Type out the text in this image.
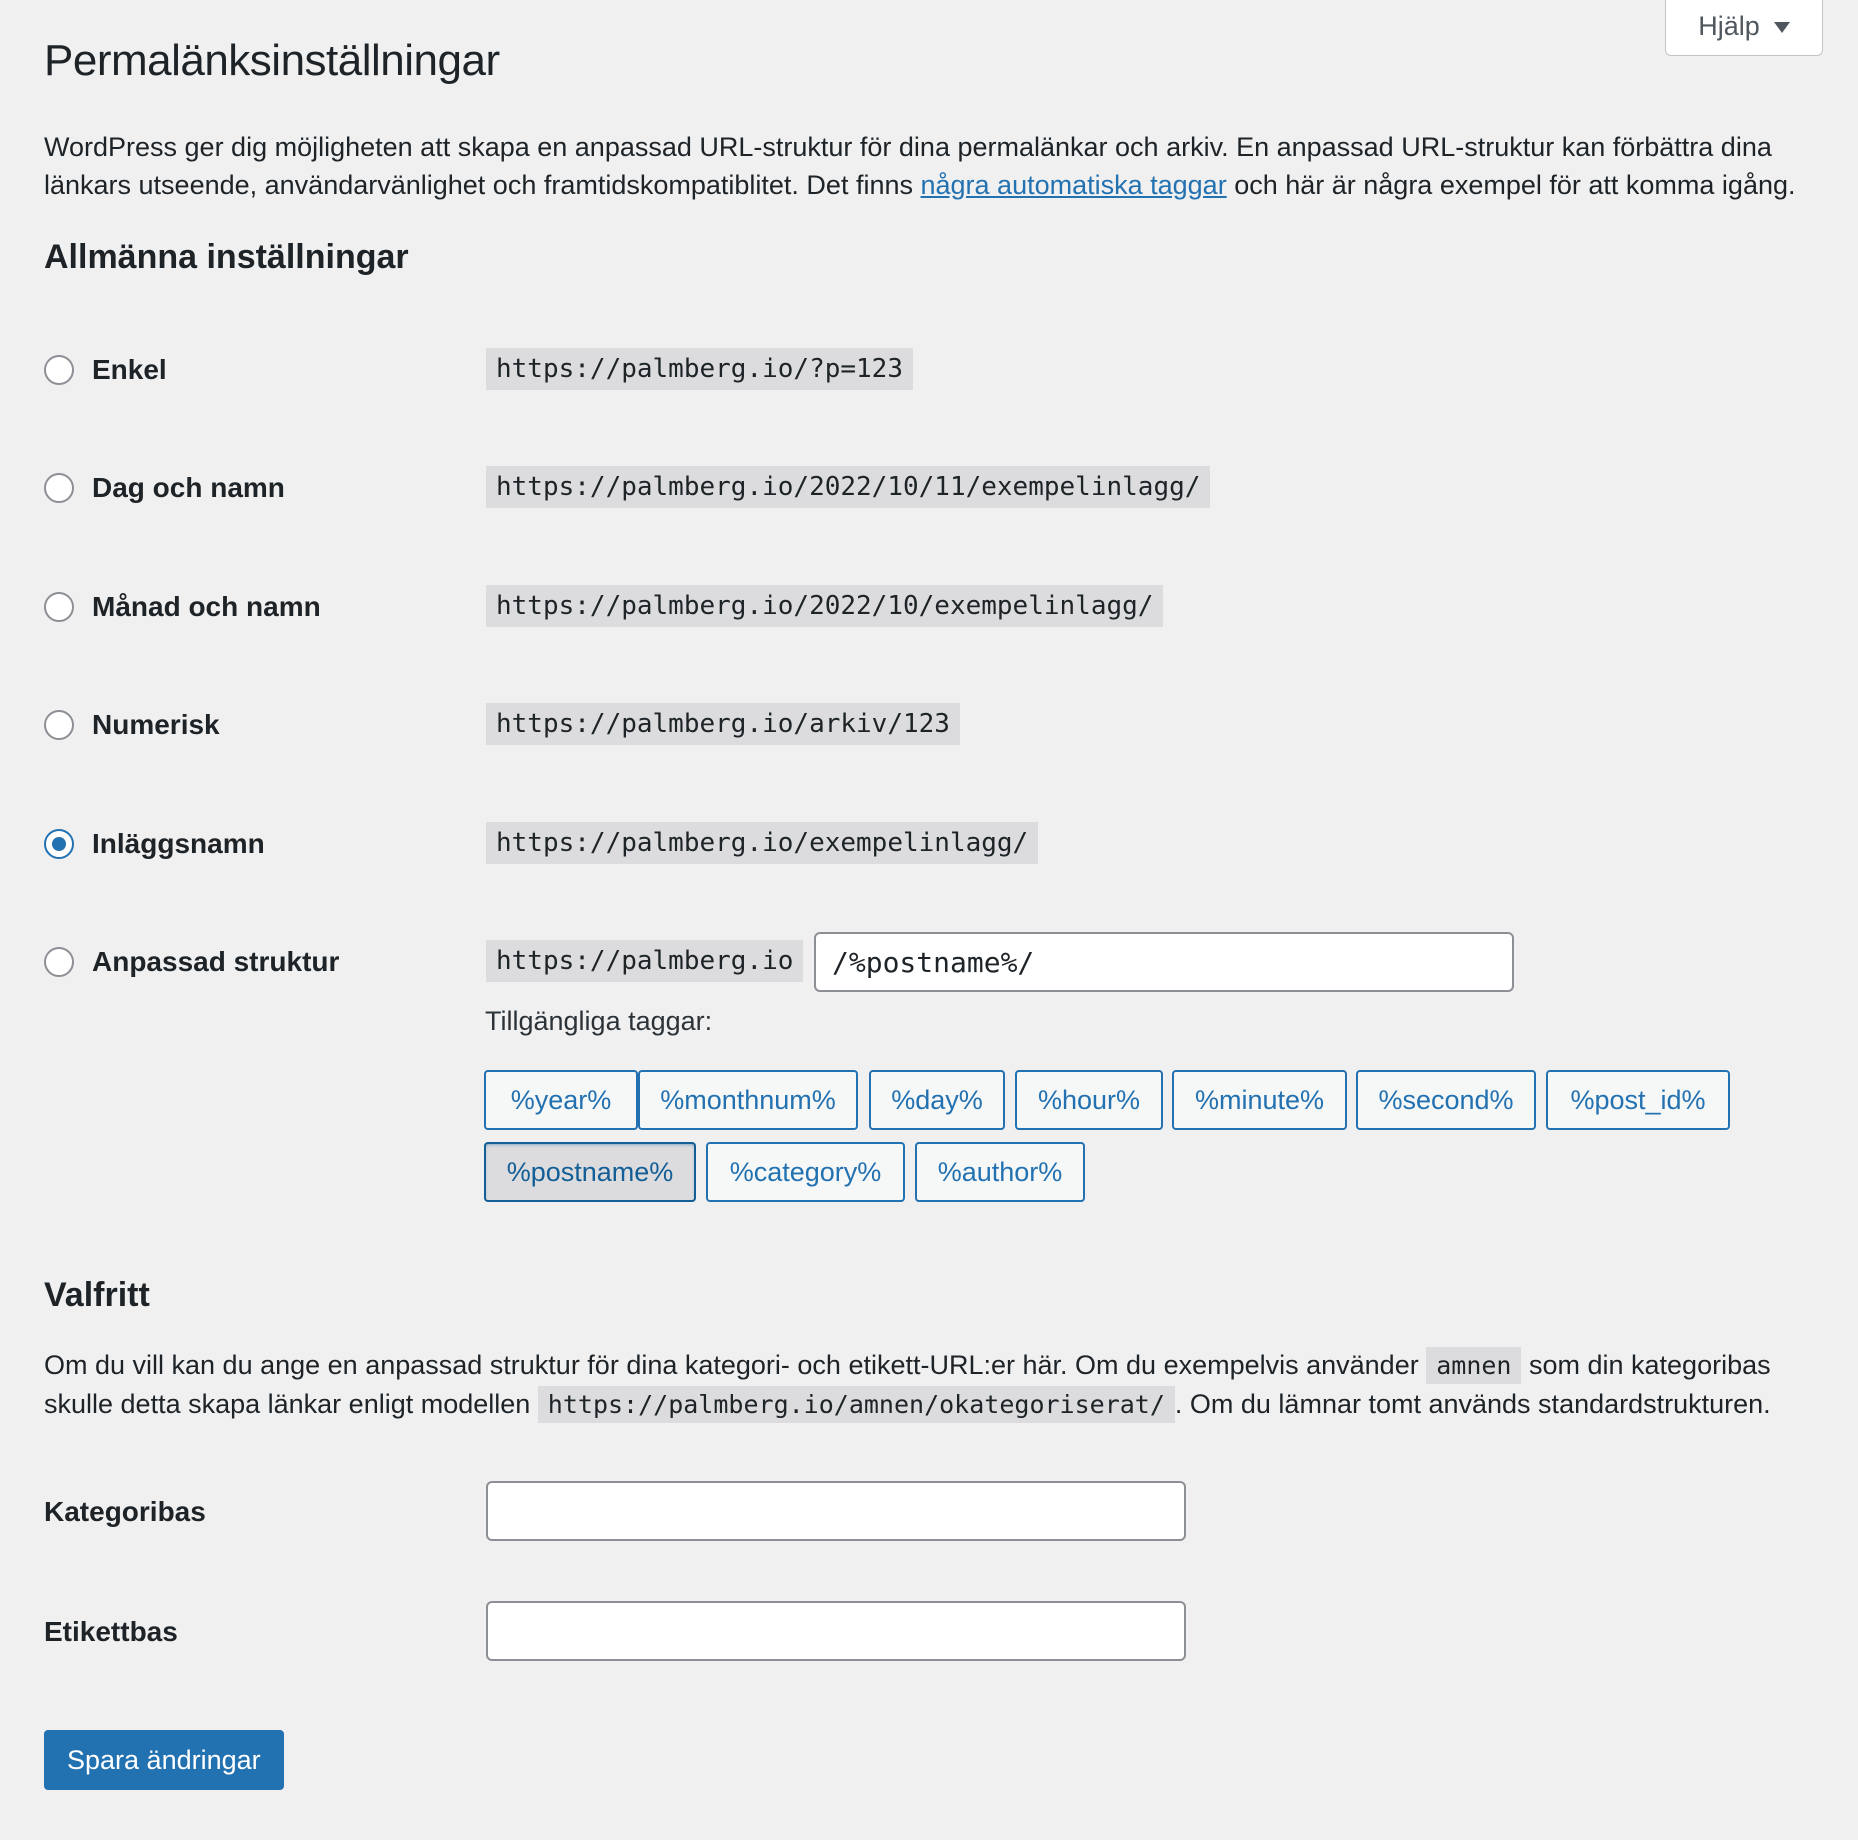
Hjälp
Permalänksinställningar

WordPress ger dig möjligheten att skapa en anpassad URL-struktur för dina permalänkar och arkiv. En anpassad URL-struktur kan förbättra dina länkars utseende, användarvänlighet och framtidskompatiblitet. Det finns några automatiska taggar och här är några exempel för att komma igång.

Allmänna inställningar
Enkel	https://palmberg.io/?p=123
Dag och namn	https://palmberg.io/2022/10/11/exempelinlagg/
Månad och namn	https://palmberg.io/2022/10/exempelinlagg/
Numerisk	https://palmberg.io/arkiv/123
Inläggsnamn	https://palmberg.io/exempelinlagg/
Anpassad struktur	https://palmberg.io
/%postname%/
Tillgängliga taggar:
%year%	%monthnum%	%day%	%hour%	%minute%	%second%	%post_id%
%postname%	%category%	%author%
Valfritt

Om du vill kan du ange en anpassad struktur för dina kategori- och etikett-URL:er här. Om du exempelvis använder amnen som din kategoribas skulle detta skapa länkar enligt modellen https://palmberg.io/amnen/okategoriserat/ . Om du lämnar tomt används standardstrukturen.

Kategoribas
Etikettbas
Spara ändringar
